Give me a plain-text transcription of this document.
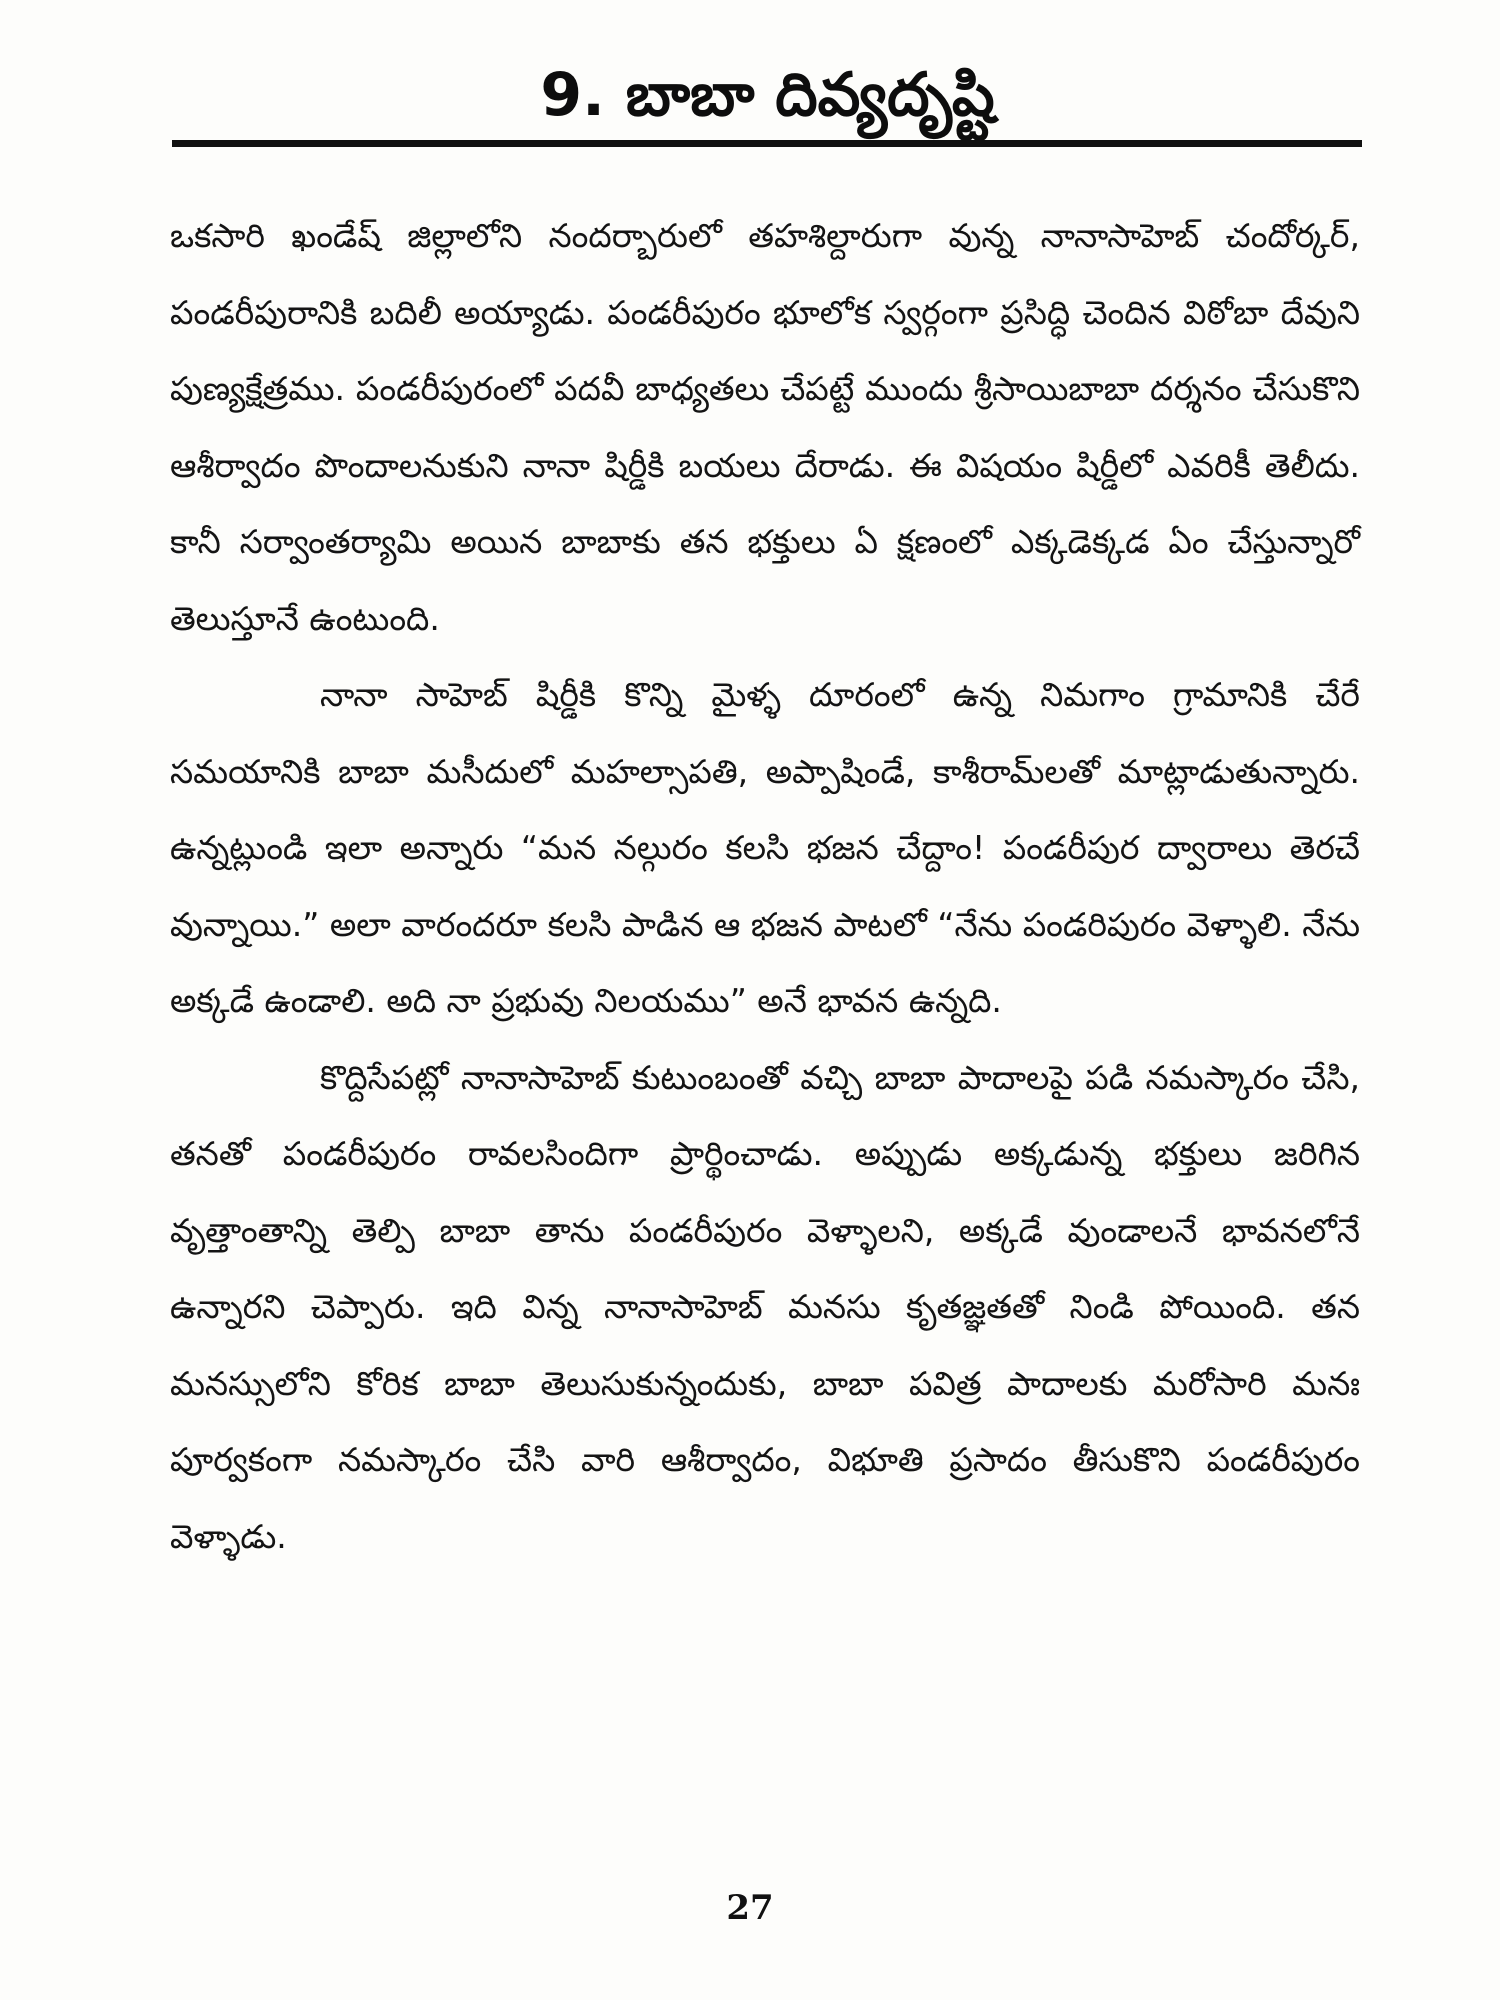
9. బాబా దివ్యదృష్టి

ఒకసారి ఖండేష్ జిల్లాలోని నందర్బారులో తహశిల్దారుగా వున్న నానాసాహెబ్ చందోర్కర్, పండరీపురానికి బదిలీ అయ్యాడు. పండరీపురం భూలోక స్వర్గంగా ప్రసిద్ధి చెందిన విఠోబా దేవుని పుణ్యక్షేత్రము. పండరీపురంలో పదవీ బాధ్యతలు చేపట్టే ముందు శ్రీసాయిబాబా దర్శనం చేసుకొని ఆశీర్వాదం పొందాలనుకుని నానా షిర్డీకి బయలు దేరాడు. ఈ విషయం షిర్డీలో ఎవరికీ తెలీదు. కానీ సర్వాంతర్యామి అయిన బాబాకు తన భక్తులు ఏ క్షణంలో ఎక్కడెక్కడ ఏం చేస్తున్నారో తెలుస్తూనే ఉంటుంది.

నానా సాహెబ్ షిర్డీకి కొన్ని మైళ్ళ దూరంలో ఉన్న నిమగాం గ్రామానికి చేరే సమయానికి బాబా మసీదులో మహల్సాపతి, అప్పాషిండే, కాశీరామ్‌లతో మాట్లాడుతున్నారు. ఉన్నట్లుండి ఇలా అన్నారు “మన నల్గురం కలసి భజన చేద్దాం! పండరీపుర ద్వారాలు తెరచే వున్నాయి.” అలా వారందరూ కలసి పాడిన ఆ భజన పాటలో “నేను పండరిపురం వెళ్ళాలి. నేను అక్కడే ఉండాలి. అది నా ప్రభువు నిలయము” అనే భావన ఉన్నది.

కొద్దిసేపట్లో నానాసాహెబ్ కుటుంబంతో వచ్చి బాబా పాదాలపై పడి నమస్కారం చేసి, తనతో పండరీపురం రావలసిందిగా ప్రార్థించాడు. అప్పుడు అక్కడున్న భక్తులు జరిగిన వృత్తాంతాన్ని తెల్పి బాబా తాను పండరీపురం వెళ్ళాలని, అక్కడే వుండాలనే భావనలోనే ఉన్నారని చెప్పారు. ఇది విన్న నానాసాహెబ్ మనసు కృతజ్ఞతతో నిండి పోయింది. తన మనస్సులోని కోరిక బాబా తెలుసుకున్నందుకు, బాబా పవిత్ర పాదాలకు మరోసారి మనః పూర్వకంగా నమస్కారం చేసి వారి ఆశీర్వాదం, విభూతి ప్రసాదం తీసుకొని పండరీపురం వెళ్ళాడు.

27
